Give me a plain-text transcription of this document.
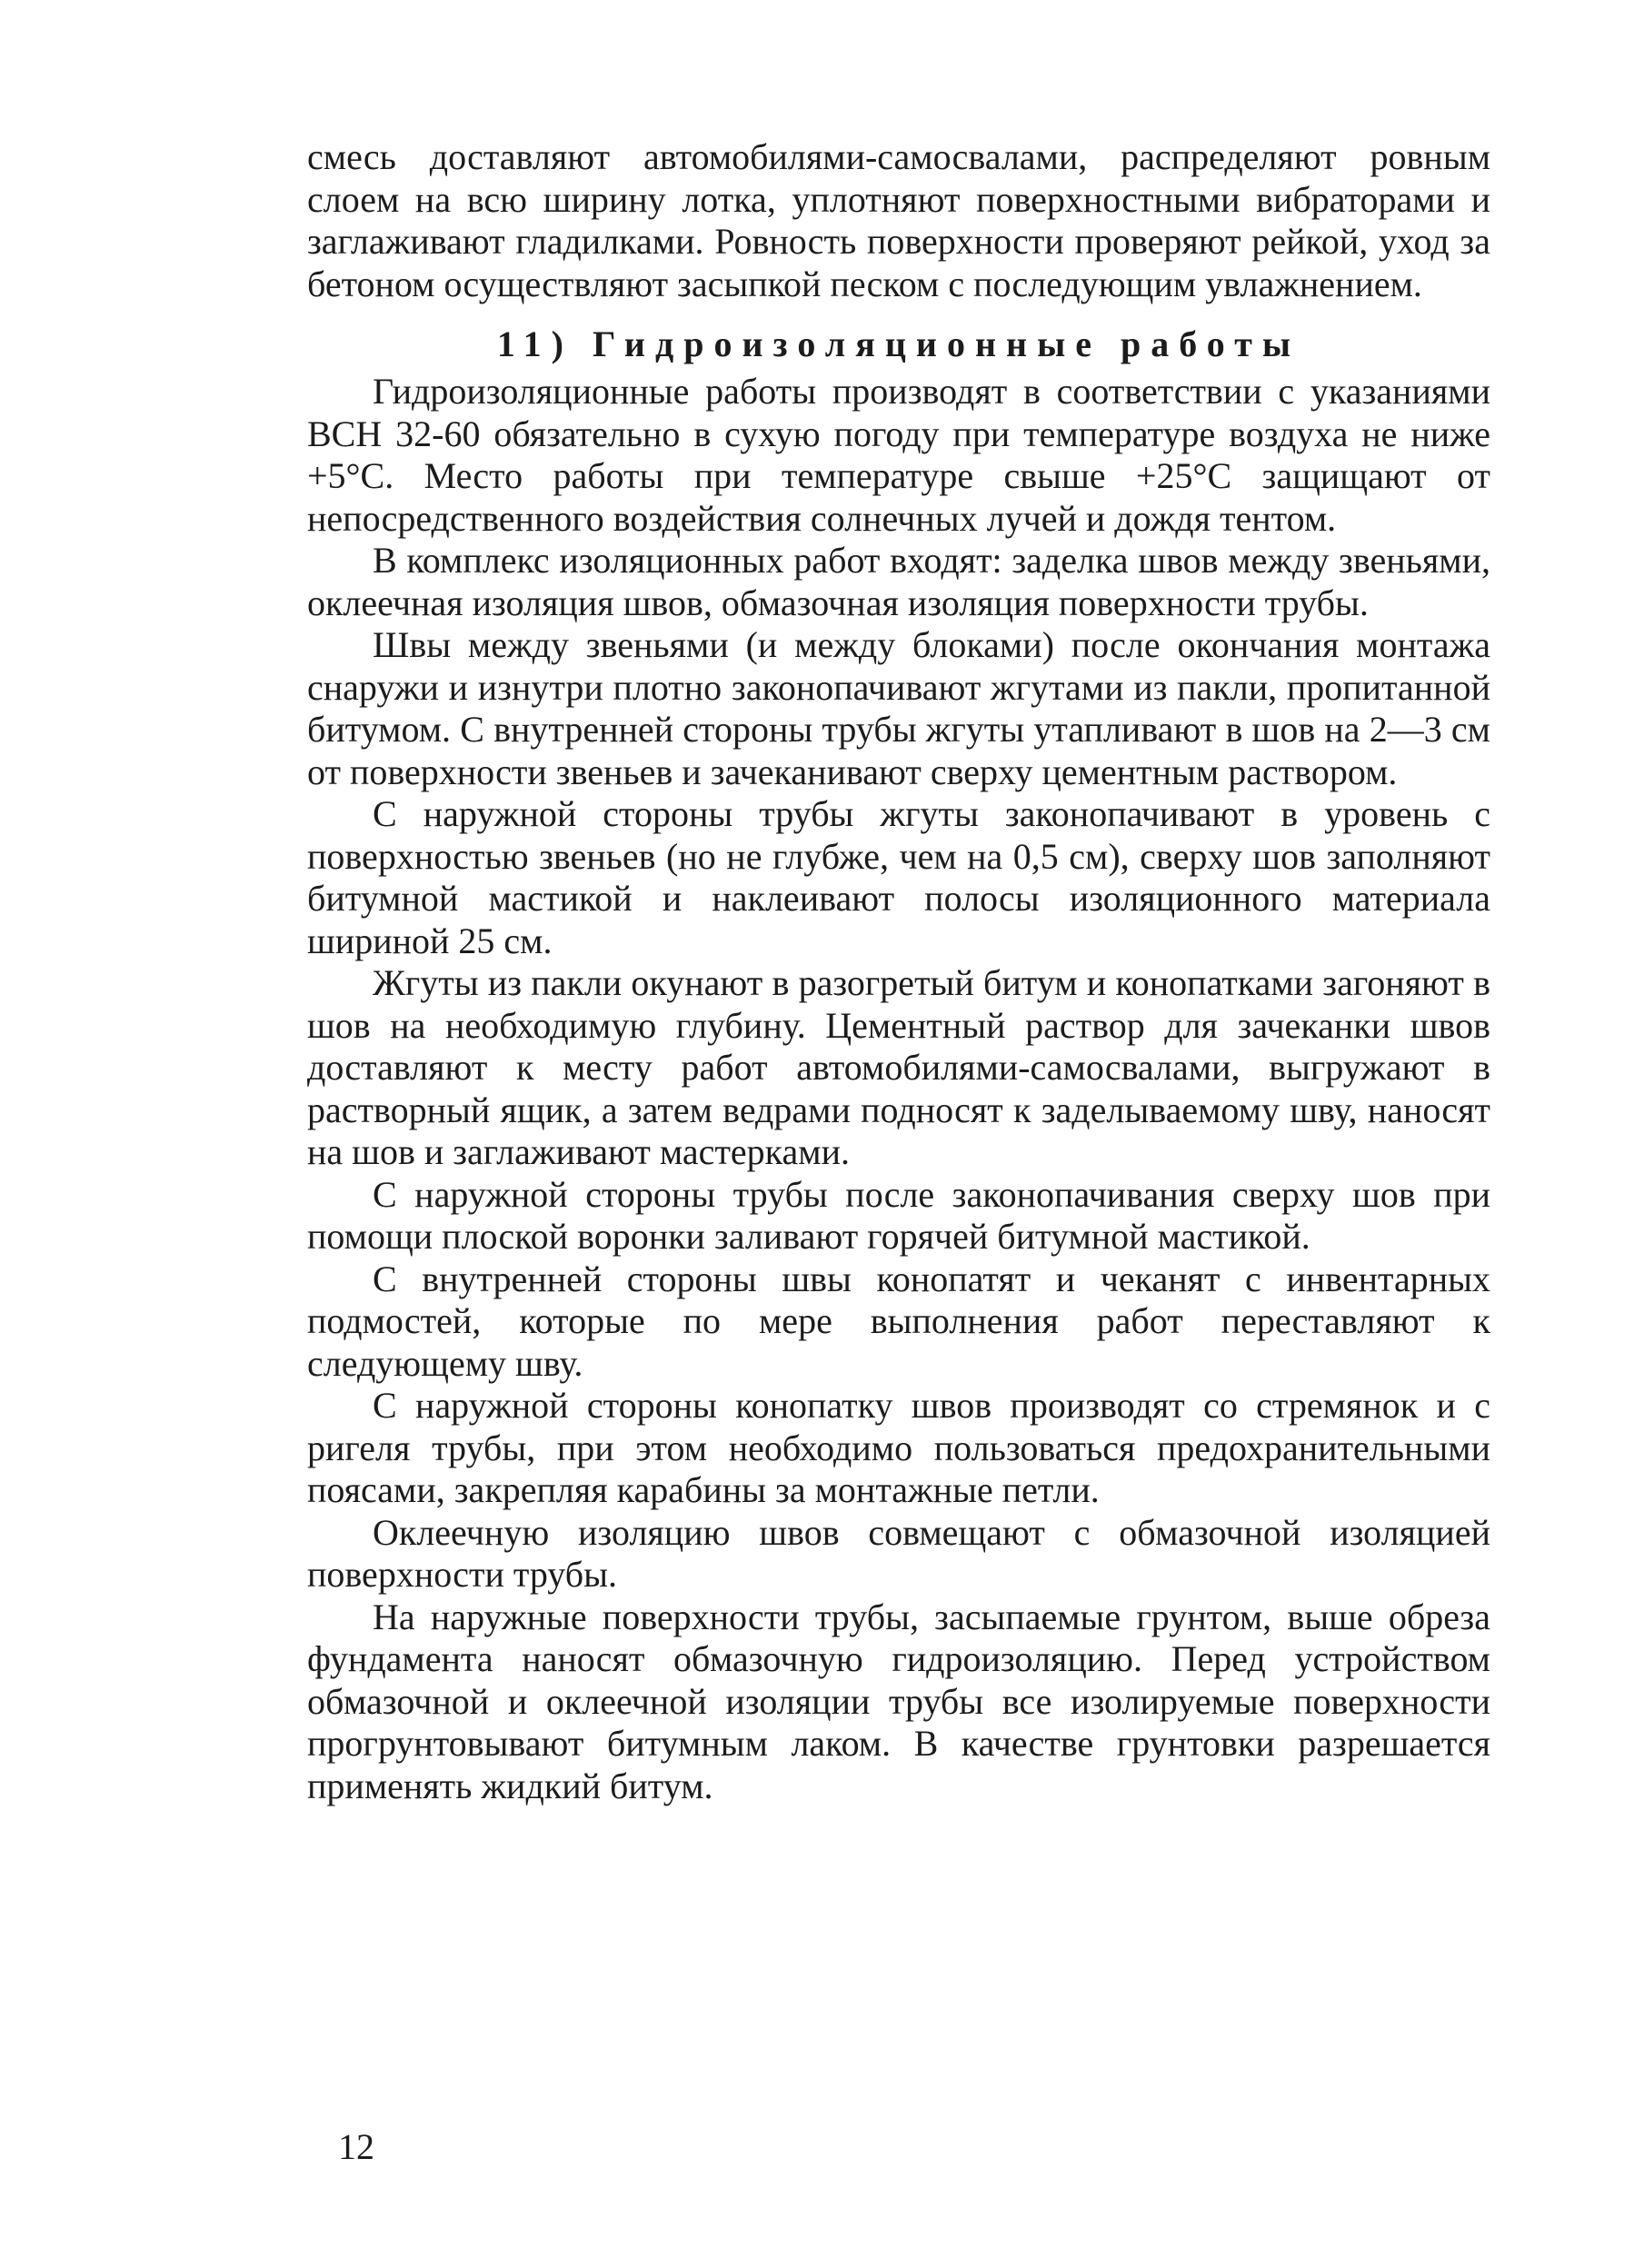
смесь доставляют автомобилями-самосвалами, распределяют ровным слоем на всю ширину лотка, уплотняют поверхностными вибраторами и заглаживают гладилками. Ровность поверхности проверяют рейкой, уход за бетоном осуществляют засыпкой песком с последующим увлажнением.

11) Гидроизоляционные работы

Гидроизоляционные работы производят в соответствии с указаниями ВСН 32-60 обязательно в сухую погоду при температуре воздуха не ниже +5°С. Место работы при температуре свыше +25°С защищают от непосредственного воздействия солнечных лучей и дождя тентом.

В комплекс изоляционных работ входят: заделка швов между звеньями, оклеечная изоляция швов, обмазочная изоляция поверхности трубы.

Швы между звеньями (и между блоками) после окончания монтажа снаружи и изнутри плотно законопачивают жгутами из пакли, пропитанной битумом. С внутренней стороны трубы жгуты утапливают в шов на 2—3 см от поверхности звеньев и зачеканивают сверху цементным раствором.

С наружной стороны трубы жгуты законопачивают в уровень с поверхностью звеньев (но не глубже, чем на 0,5 см), сверху шов заполняют битумной мастикой и наклеивают полосы изоляционного материала шириной 25 см.

Жгуты из пакли окунают в разогретый битум и конопатками загоняют в шов на необходимую глубину. Цементный раствор для зачеканки швов доставляют к месту работ автомобилями-самосвалами, выгружают в растворный ящик, а затем ведрами подносят к заделываемому шву, наносят на шов и заглаживают мастерками.

С наружной стороны трубы после законопачивания сверху шов при помощи плоской воронки заливают горячей битумной мастикой.

С внутренней стороны швы конопатят и чеканят с инвентарных подмостей, которые по мере выполнения работ переставляют к следующему шву.

С наружной стороны конопатку швов производят со стремянок и с ригеля трубы, при этом необходимо пользоваться предохранительными поясами, закрепляя карабины за монтажные петли.

Оклеечную изоляцию швов совмещают с обмазочной изоляцией поверхности трубы.

На наружные поверхности трубы, засыпаемые грунтом, выше обреза фундамента наносят обмазочную гидроизоляцию. Перед устройством обмазочной и оклеечной изоляции трубы все изолируемые поверхности прогрунтовывают битумным лаком. В качестве грунтовки разрешается применять жидкий битум.

12
